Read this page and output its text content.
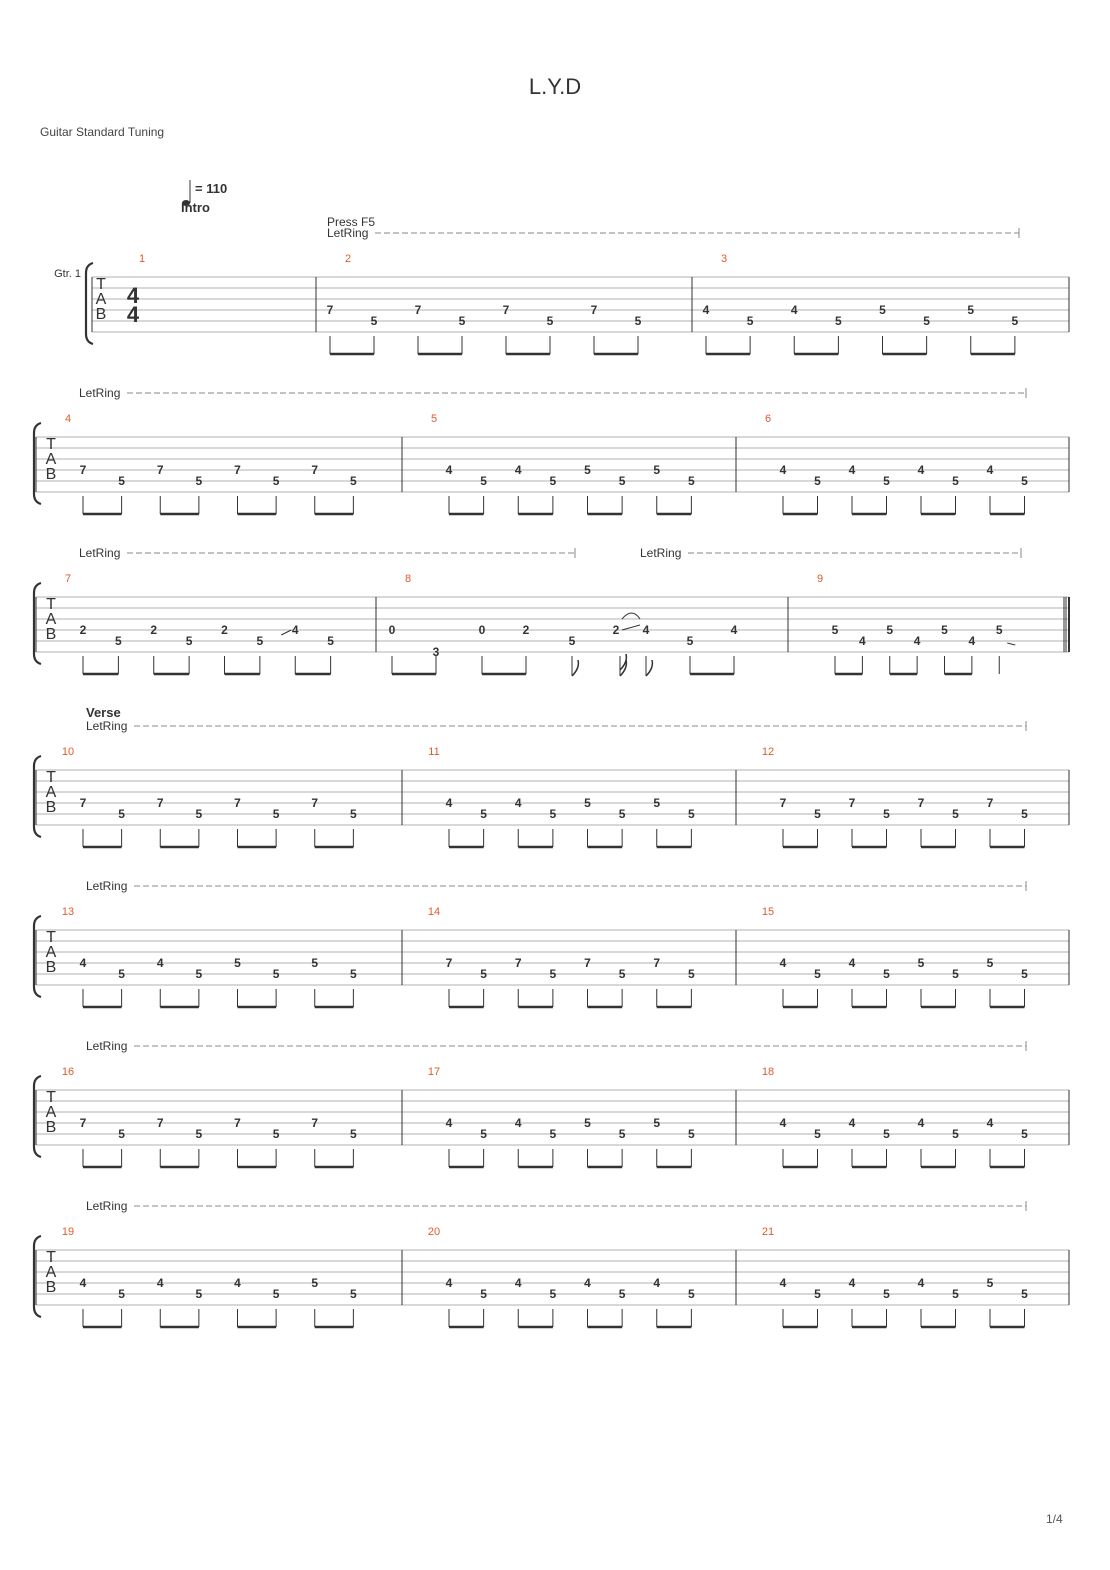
L.Y.D
Guitar Standard Tuning
T
A
B
4
4
Gtr. 1
= 110
Intro
Press F5
LetRing
1	2
7
5
7
5
7
5
7
5
3
4
5
4
5
5
5
5
5
T
A
B
LetRing
4
7
5
7
5
7
5
7
5
5
4
5
4
5
5
5
5
5
6
4
5
4
5
4
5
4
5
T
A
B
LetRing	LetRing
7
2
5
2
5
2
5
4
5
8
0	0	2
5
2 4
5
4
3
9
5
4
5
4
5
4
5
T
A
B
Verse
LetRing
10
7
5
7
5
7
5
7
5
11
4
5
4
5
5
5
5
5
12
7
5
7
5
7
5
7
5
T
A
B
LetRing
13
4
5
4
5
5
5
5
5
14
7
5
7
5
7
5
7
5
15
4
5
4
5
5
5
5
5
T
A
B
LetRing
16
7
5
7
5
7
5
7
5
17
4
5
4
5
5
5
5
5
18
4
5
4
5
4
5
4
5
T
A
B
LetRing
19
4
5
4
5
4
5
5
5
20
4
5
4
5
4
5
4
5
21
4
5
4
5
4
5
5
5
1/4
